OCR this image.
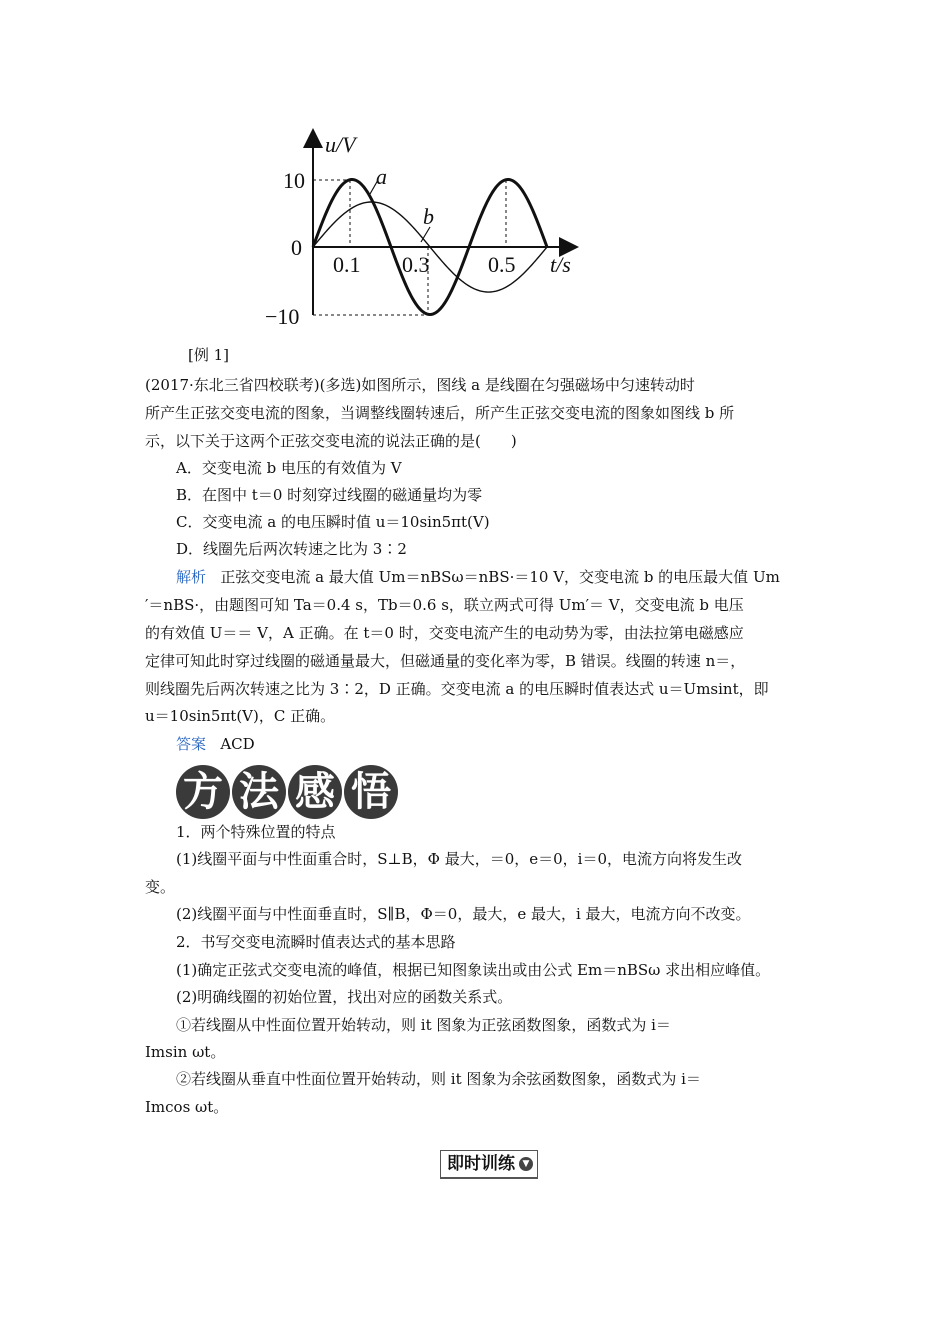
u/V
t/s
10
0
−10
0.1 0.3	0.5
a
b
[例 1]
(2017·东北三省四校联考)(多选)如图所示，图线 a 是线圈在匀强磁场中匀速转动时
所产生正弦交变电流的图象，当调整线圈转速后，所产生正弦交变电流的图象如图线 b 所
示，以下关于这两个正弦交变电流的说法正确的是(　　)
A．交变电流 b 电压的有效值为 V
B．在图中 t＝0 时刻穿过线圈的磁通量均为零
C．交变电流 a 的电压瞬时值 u＝10sin5πt(V)
D．线圈先后两次转速之比为 3∶2
解析 正弦交变电流 a 最大值 Um＝nBSω＝nBS·＝10 V，交变电流 b 的电压最大值 Um
′＝nBS·，由题图可知 Ta＝0.4 s，Tb＝0.6 s，联立两式可得 Um′＝ V，交变电流 b 电压
的有效值 U＝＝ V，A 正确。在 t＝0 时，交变电流产生的电动势为零，由法拉第电磁感应
定律可知此时穿过线圈的磁通量最大，但磁通量的变化率为零，B 错误。线圈的转速 n＝，
则线圈先后两次转速之比为 3∶2，D 正确。交变电流 a 的电压瞬时值表达式 u＝Umsint，即
u＝10sin5πt(V)，C 正确。
答案 ACD
方 法 感 悟
1．两个特殊位置的特点
(1)线圈平面与中性面重合时，S⊥B，Φ 最大，＝0，e＝0，i＝0，电流方向将发生改
变。
(2)线圈平面与中性面垂直时，S∥B，Φ＝0，最大，e 最大，i 最大，电流方向不改变。
2．书写交变电流瞬时值表达式的基本思路
(1)确定正弦式交变电流的峰值，根据已知图象读出或由公式 Em＝nBSω 求出相应峰值。
(2)明确线圈的初始位置，找出对应的函数关系式。
①若线圈从中性面位置开始转动，则 it 图象为正弦函数图象，函数式为 i＝
Imsin ωt。
②若线圈从垂直中性面位置开始转动，则 it 图象为余弦函数图象，函数式为 i＝
Imcos ωt。
即时训练 ▼
